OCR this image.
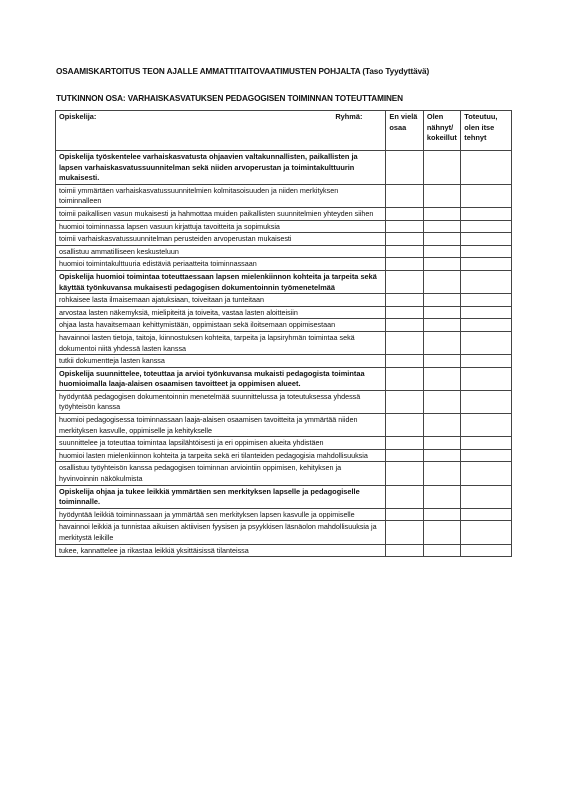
OSAAMISKARTOITUS TEON AJALLE AMMATTITAITOVAATIMUSTEN POHJALTA (Taso Tyydyttävä)
TUTKINNON OSA: VARHAISKASVATUKSEN PEDAGOGISEN TOIMINNAN TOTEUTTAMINEN
Opiskelija: Ryhmä:	En vielä osaa	Olen nähnyt/ kokeillut	Toteutuu, olen itse tehnyt
Opiskelija työskentelee varhaiskasvatusta ohjaavien valtakunnallisten, paikallisten ja lapsen varhaiskasvatussuunnitelman sekä niiden arvoperustan ja toimintakulttuurin mukaisesti.			
toimii ymmärtäen varhaiskasvatussuunnitelmien kolmitasoisuuden ja niiden merkityksen toiminnalleen			
toimii paikallisen vasun mukaisesti ja hahmottaa muiden paikallisten suunnitelmien yhteyden siihen			
huomioi toiminnassa lapsen vasuun kirjattuja tavoitteita ja sopimuksia			
toimii varhaiskasvatussuunnitelman perusteiden arvoperustan mukaisesti			
osallistuu ammatilliseen keskusteluun			
huomioi toimintakulttuuria edistäviä periaatteita toiminnassaan			
Opiskelija huomioi toimintaa toteuttaessaan lapsen mielenkiinnon kohteita ja tarpeita sekä käyttää työnkuvansa mukaisesti pedagogisen dokumentoinnin työmenetelmää			
rohkaisee lasta ilmaisemaan ajatuksiaan, toiveitaan ja tunteitaan			
arvostaa lasten näkemyksiä, mielipiteitä ja toiveita, vastaa lasten aloitteisiin			
ohjaa lasta havaitsemaan kehittymistään, oppimistaan sekä iloitsemaan oppimisestaan			
havainnoi lasten tietoja, taitoja, kiinnostuksen kohteita, tarpeita ja lapsiryhmän toimintaa sekä dokumentoi niitä yhdessä lasten kanssa			
tutkii dokumentteja lasten kanssa			
Opiskelija suunnittelee, toteuttaa ja arvioi työnkuvansa mukaisti pedagogista toimintaa huomioimalla laaja-alaisen osaamisen tavoitteet ja oppimisen alueet.			
hyödyntää pedagogisen dokumentoinnin menetelmää suunnittelussa ja toteutuksessa yhdessä työyhteisön kanssa			
huomioi pedagogisessa toiminnassaan laaja-alaisen osaamisen tavoitteita ja ymmärtää niiden merkityksen kasvulle, oppimiselle ja kehitykselle			
suunnittelee ja toteuttaa toimintaa lapsilähtöisesti ja eri oppimisen alueita yhdistäen			
huomioi lasten mielenkiinnon kohteita ja tarpeita sekä eri tilanteiden pedagogisia mahdollisuuksia			
osallistuu työyhteisön kanssa pedagogisen toiminnan arviointiin oppimisen, kehityksen ja hyvinvoinnin näkökulmista			
Opiskelija ohjaa ja tukee leikkiä ymmärtäen sen merkityksen lapselle ja pedagogiselle toiminnalle.			
hyödyntää leikkiä toiminnassaan ja ymmärtää sen merkityksen lapsen kasvulle ja oppimiselle			
havainnoi leikkiä ja tunnistaa aikuisen aktiivisen fyysisen ja psyykkisen läsnäolon mahdollisuuksia ja merkitystä leikille			
tukee, kannattelee ja rikastaa leikkiä yksittäisissä tilanteissa			
